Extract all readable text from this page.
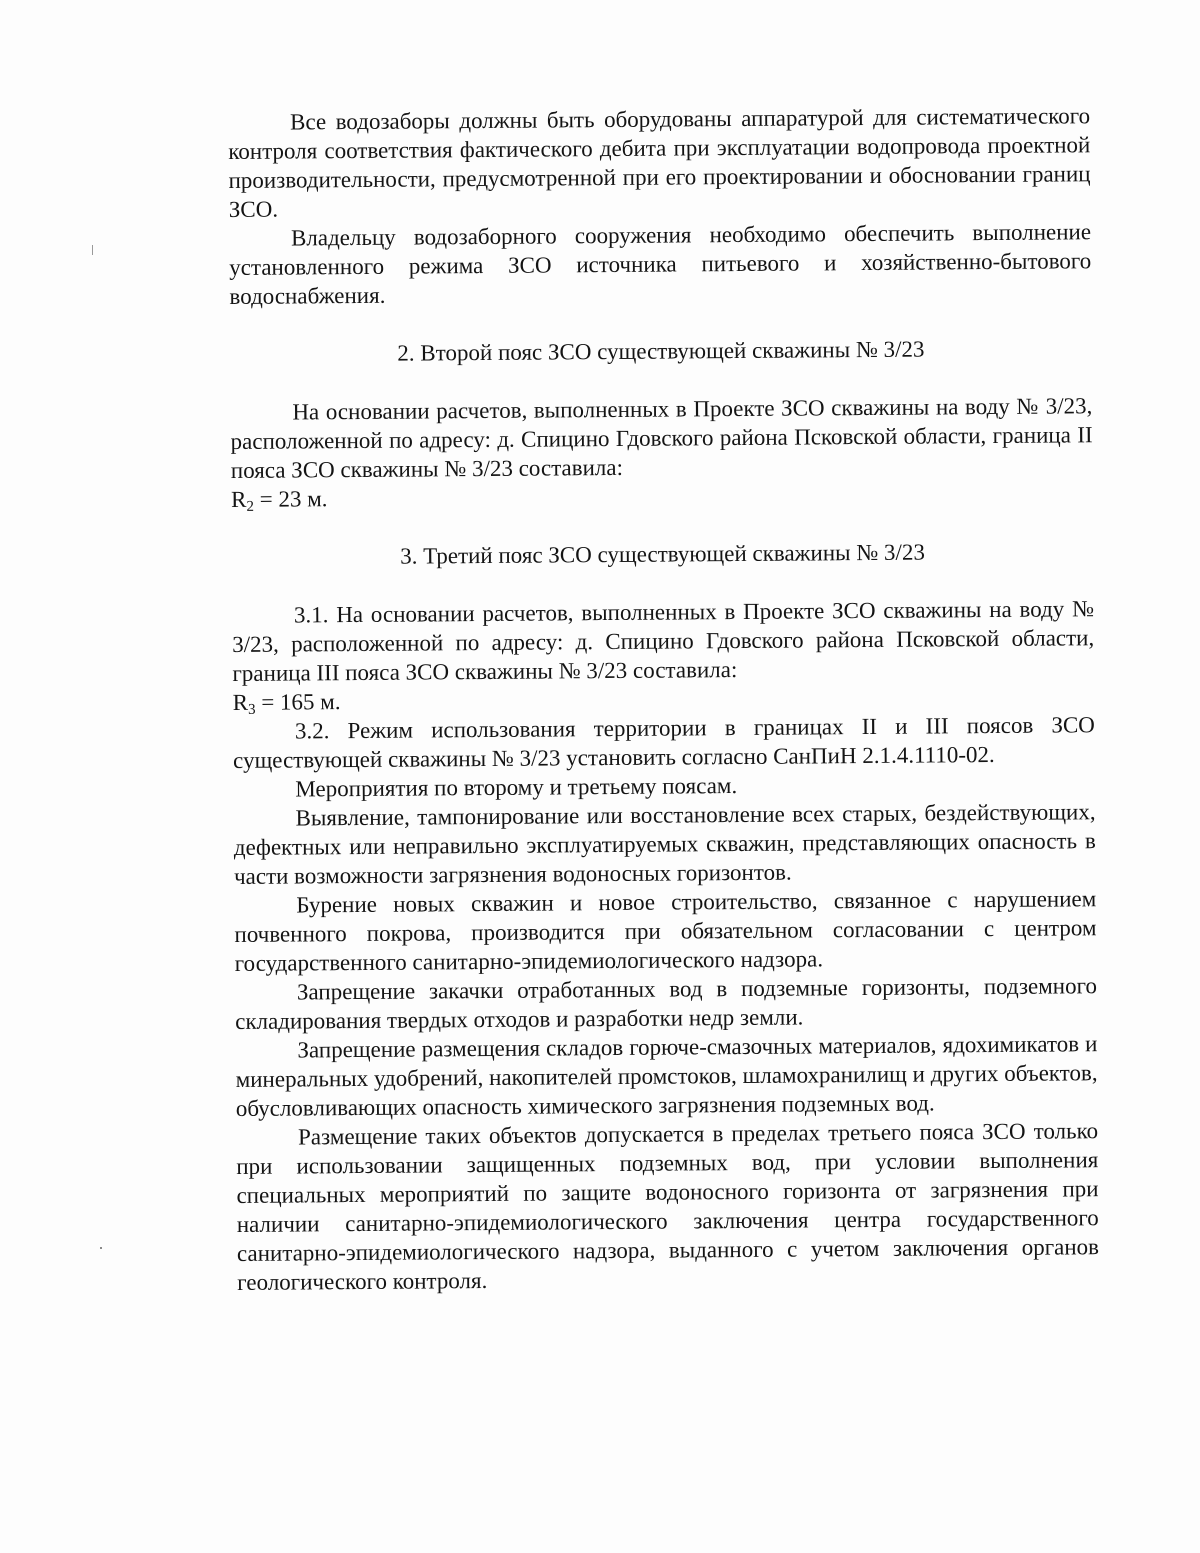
Все водозаборы должны быть оборудованы аппаратурой для систематического контроля соответствия фактического дебита при эксплуатации водопровода проектной производительности, предусмотренной при его проектировании и обосновании границ ЗСО.

Владельцу водозаборного сооружения необходимо обеспечить выполнение установленного режима ЗСО источника питьевого и хозяйственно-бытового водоснабжения.

2. Второй пояс ЗСО существующей скважины № 3/23

На основании расчетов, выполненных в Проекте ЗСО скважины на воду № 3/23, расположенной по адресу: д. Спицино Гдовского района Псковской области, граница II пояса ЗСО скважины № 3/23 составила:

$R_2 = 23$ м.

3. Третий пояс ЗСО существующей скважины № 3/23

3.1. На основании расчетов, выполненных в Проекте ЗСО скважины на воду № 3/23, расположенной по адресу: д. Спицино Гдовского района Псковской области, граница III пояса ЗСО скважины № 3/23 составила:

$R_3 = 165$ м.

3.2. Режим использования территории в границах II и III поясов ЗСО существующей скважины № 3/23 установить согласно СанПиН 2.1.4.1110-02.

Мероприятия по второму и третьему поясам.

Выявление, тампонирование или восстановление всех старых, бездействующих, дефектных или неправильно эксплуатируемых скважин, представляющих опасность в части возможности загрязнения водоносных горизонтов.

Бурение новых скважин и новое строительство, связанное с нарушением почвенного покрова, производится при обязательном согласовании с центром государственного санитарно-эпидемиологического надзора.

Запрещение закачки отработанных вод в подземные горизонты, подземного складирования твердых отходов и разработки недр земли.

Запрещение размещения складов горюче-смазочных материалов, ядохимикатов и минеральных удобрений, накопителей промстоков, шламохранилищ и других объектов, обусловливающих опасность химического загрязнения подземных вод.

Размещение таких объектов допускается в пределах третьего пояса ЗСО только при использовании защищенных подземных вод, при условии выполнения специальных мероприятий по защите водоносного горизонта от загрязнения при наличии санитарно-эпидемиологического заключения центра государственного санитарно-эпидемиологического надзора, выданного с учетом заключения органов геологического контроля.
